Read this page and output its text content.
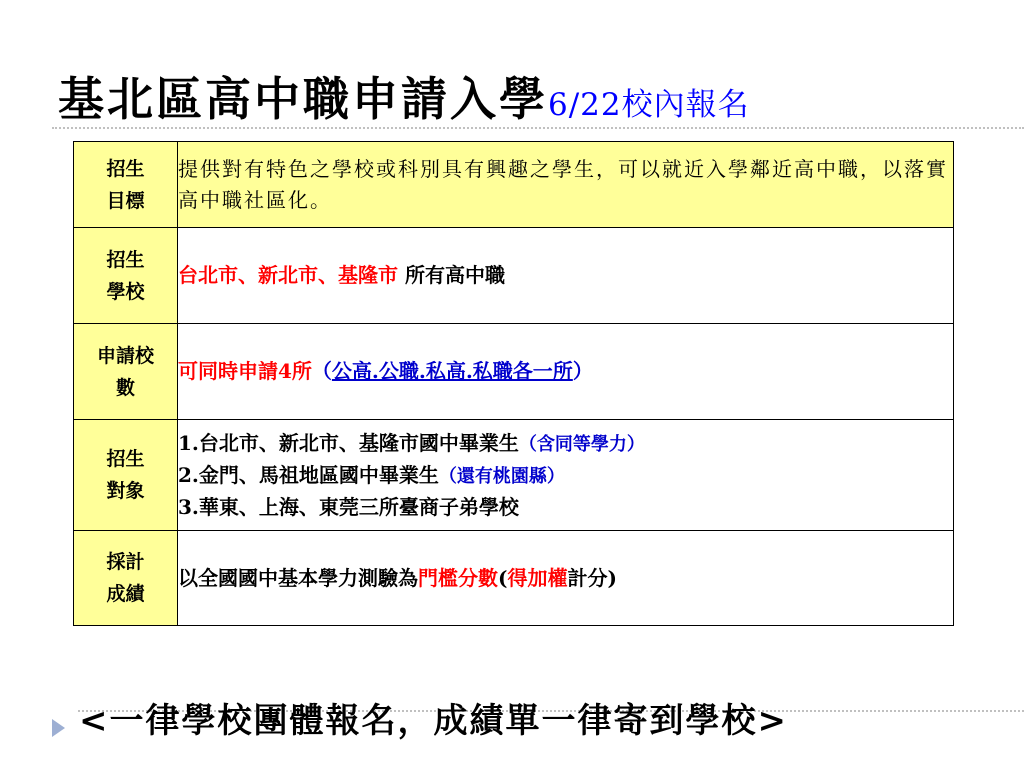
基北區高中職申請入學6/22校內報名
招生
目標	提供對有特色之學校或科別具有興趣之學生，可以就近入學鄰近高中職，以落實高中職社區化。

招生
學校	台北市、新北市、基隆市 所有高中職

申請校
數	可同時申請4所（公高.公職.私高.私職各一所）

招生
對象	1.台北市、新北市、基隆市國中畢業生（含同等學力）
2.金門、馬祖地區國中畢業生（還有桃園縣）
3.華東、上海、東莞三所臺商子弟學校

採計
成績	以全國國中基本學力測驗為門檻分數(得加權計分)
<一律學校團體報名，成績單一律寄到學校>
